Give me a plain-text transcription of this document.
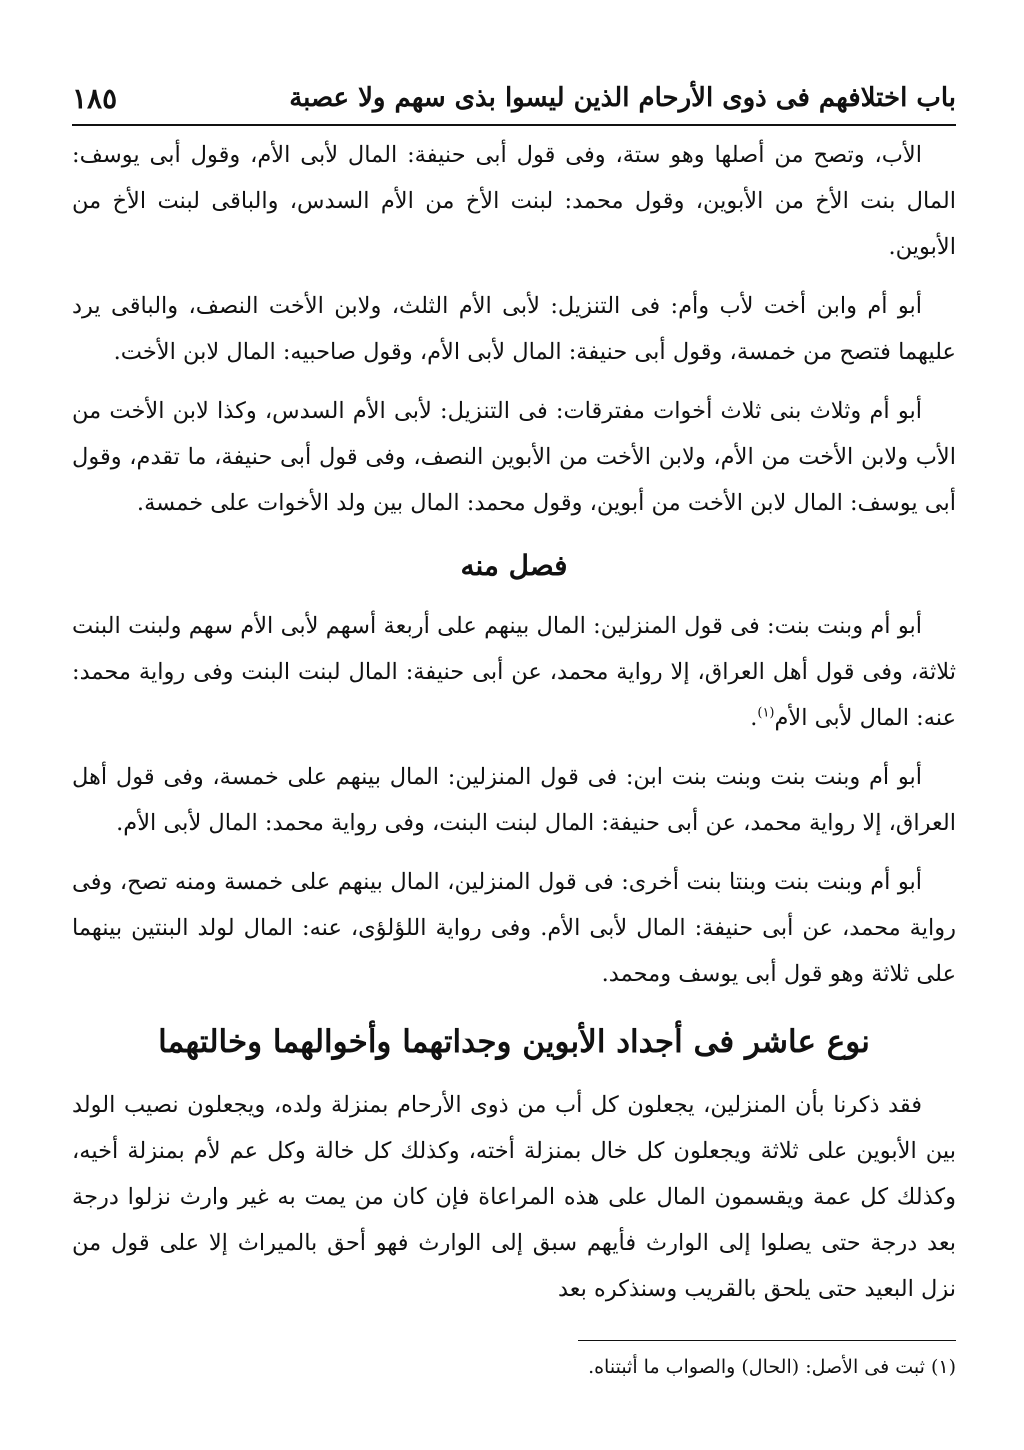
باب اختلافهم فى ذوى الأرحام الذين ليسوا بذى سهم ولا عصبة
١٨٥

الأب، وتصح من أصلها وهو ستة، وفى قول أبى حنيفة: المال لأبى الأم، وقول أبى يوسف: المال بنت الأخ من الأبوين، وقول محمد: لبنت الأخ من الأم السدس، والباقى لبنت الأخ من الأبوين.

أبو أم وابن أخت لأب وأم: فى التنزيل: لأبى الأم الثلث، ولابن الأخت النصف، والباقى يرد عليهما فتصح من خمسة، وقول أبى حنيفة: المال لأبى الأم، وقول صاحبيه: المال لابن الأخت.

أبو أم وثلاث بنى ثلاث أخوات مفترقات: فى التنزيل: لأبى الأم السدس، وكذا لابن الأخت من الأب ولابن الأخت من الأم، ولابن الأخت من الأبوين النصف، وفى قول أبى حنيفة، ما تقدم، وقول أبى يوسف: المال لابن الأخت من أبوين، وقول محمد: المال بين ولد الأخوات على خمسة.

فصل منه

أبو أم وبنت بنت: فى قول المنزلين: المال بينهم على أربعة أسهم لأبى الأم سهم ولبنت البنت ثلاثة، وفى قول أهل العراق، إلا رواية محمد، عن أبى حنيفة: المال لبنت البنت وفى رواية محمد: عنه: المال لأبى الأم$^{(١)}$.

أبو أم وبنت بنت وبنت بنت ابن: فى قول المنزلين: المال بينهم على خمسة، وفى قول أهل العراق، إلا رواية محمد، عن أبى حنيفة: المال لبنت البنت، وفى رواية محمد: المال لأبى الأم.

أبو أم وبنت بنت وبنتا بنت أخرى: فى قول المنزلين، المال بينهم على خمسة ومنه تصح، وفى رواية محمد، عن أبى حنيفة: المال لأبى الأم. وفى رواية اللؤلؤى، عنه: المال لولد البنتين بينهما على ثلاثة وهو قول أبى يوسف ومحمد.

نوع عاشر فى أجداد الأبوين وجداتهما وأخوالهما وخالتهما

فقد ذكرنا بأن المنزلين، يجعلون كل أب من ذوى الأرحام بمنزلة ولده، ويجعلون نصيب الولد بين الأبوين على ثلاثة ويجعلون كل خال بمنزلة أخته، وكذلك كل خالة وكل عم لأم بمنزلة أخيه، وكذلك كل عمة ويقسمون المال على هذه المراعاة فإن كان من يمت به غير وارث نزلوا درجة بعد درجة حتى يصلوا إلى الوارث فأيهم سبق إلى الوارث فهو أحق بالميراث إلا على قول من نزل البعيد حتى يلحق بالقريب وسنذكره بعد

(١) ثبت فى الأصل: (الحال) والصواب ما أثبتناه.
